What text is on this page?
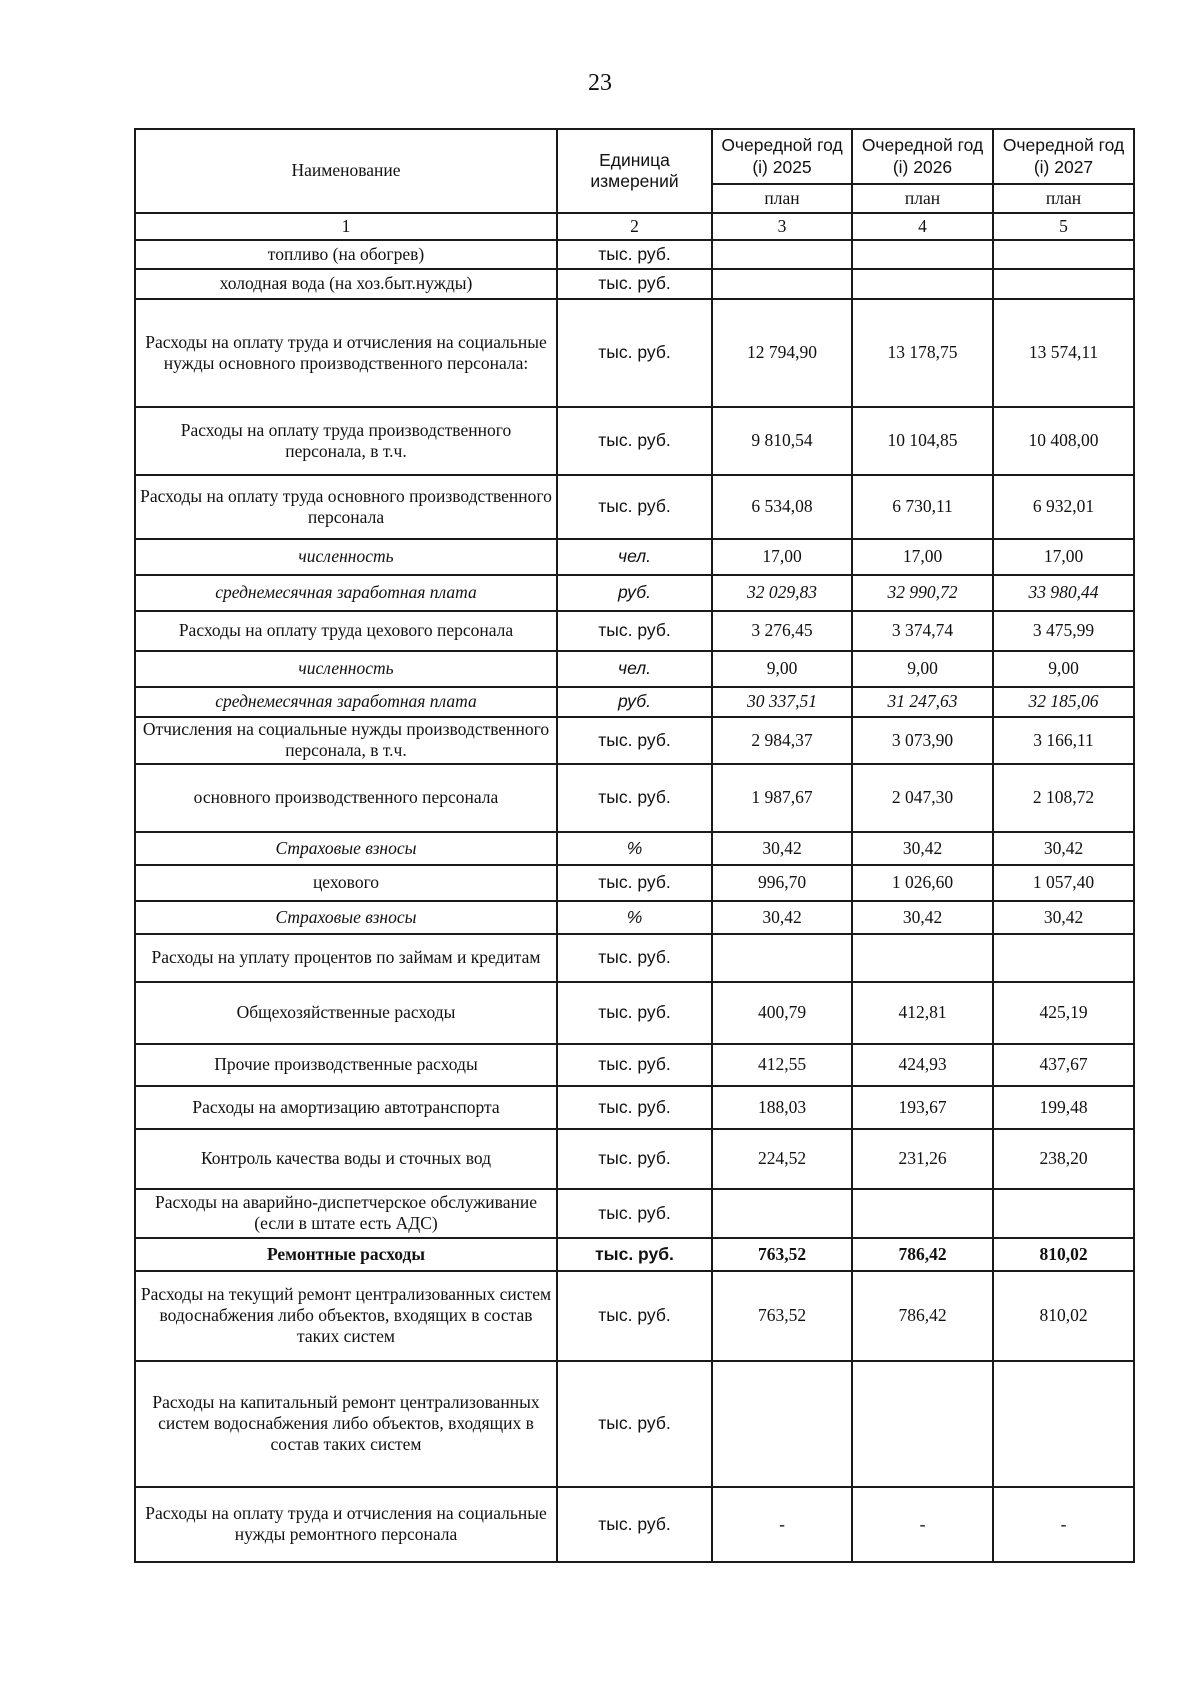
23
Наименование	Единица измерений	Очередной год (i) 2025	Очередной год (i) 2026	Очередной год (i) 2027
		план	план	план
1	2	3	4	5
топливо (на обогрев)	тыс. руб.			
холодная вода (на хоз.быт.нужды)	тыс. руб.			
Расходы на оплату труда и отчисления на социальные нужды основного производственного персонала:	тыс. руб.	12 794,90	13 178,75	13 574,11
Расходы на оплату труда производственного персонала, в т.ч.	тыс. руб.	9 810,54	10 104,85	10 408,00
Расходы на оплату труда основного производственного персонала	тыс. руб.	6 534,08	6 730,11	6 932,01
численность	чел.	17,00	17,00	17,00
среднемесячная заработная плата	руб.	32 029,83	32 990,72	33 980,44
Расходы на оплату труда цехового персонала	тыс. руб.	3 276,45	3 374,74	3 475,99
численность	чел.	9,00	9,00	9,00
среднемесячная заработная плата	руб.	30 337,51	31 247,63	32 185,06
Отчисления на социальные нужды производственного персонала, в т.ч.	тыс. руб.	2 984,37	3 073,90	3 166,11
основного производственного персонала	тыс. руб.	1 987,67	2 047,30	2 108,72
Страховые взносы	%	30,42	30,42	30,42
цехового	тыс. руб.	996,70	1 026,60	1 057,40
Страховые взносы	%	30,42	30,42	30,42
Расходы на уплату процентов по займам и кредитам	тыс. руб.			
Общехозяйственные расходы	тыс. руб.	400,79	412,81	425,19
Прочие производственные расходы	тыс. руб.	412,55	424,93	437,67
Расходы на амортизацию автотранспорта	тыс. руб.	188,03	193,67	199,48
Контроль качества воды и сточных вод	тыс. руб.	224,52	231,26	238,20
Расходы на аварийно-диспетчерское обслуживание (если в штате есть АДС)	тыс. руб.			
Ремонтные расходы	тыс. руб.	763,52	786,42	810,02
Расходы на текущий ремонт централизованных систем водоснабжения либо объектов, входящих в состав таких систем	тыс. руб.	763,52	786,42	810,02
Расходы на капитальный ремонт централизованных систем водоснабжения либо объектов, входящих в состав таких систем	тыс. руб.			
Расходы на оплату труда и отчисления на социальные нужды ремонтного персонала	тыс. руб.	-	-	-
